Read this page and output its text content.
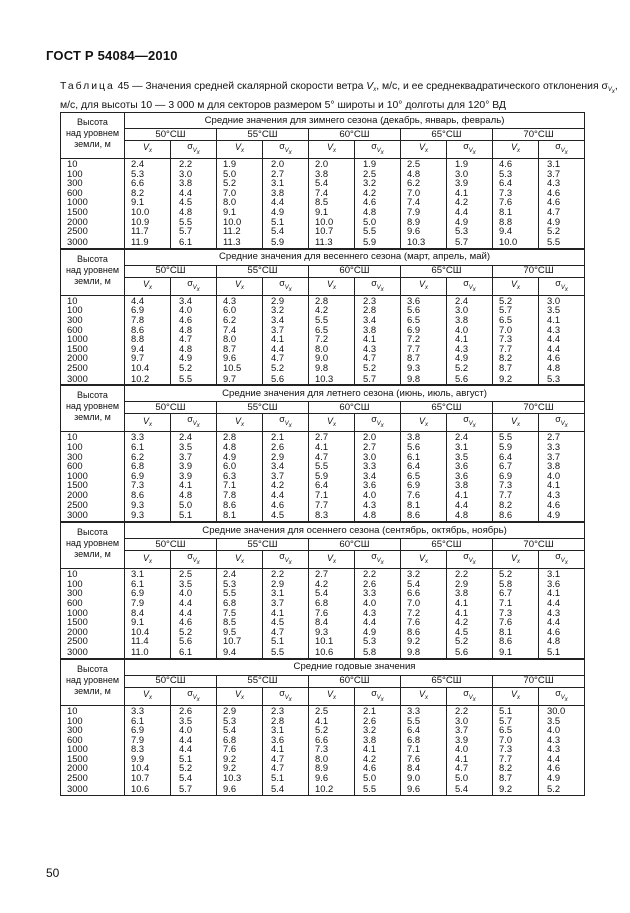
ГОСТ Р 54084—2010
Таблица 45 — Значения средней скалярной скорости ветра $V_x$, м/с, и ее среднеквадратического отклонения $\sigma_{V_x}$,
м/с, для высоты 10 — 3 000 м для секторов размером 5° широты и 10° долготы для 120° ВД
Высота
над уровнем
земли, м	Средние значения для зимнего сезона (декабрь, январь, февраль)									
	50°СШ		55°СШ		60°СШ		65°СШ		70°СШ	
	$V_x$	$\sigma_{V_x}$	$V_x$	$\sigma_{V_x}$	$V_x$	$\sigma_{V_x}$	$V_x$	$\sigma_{V_x}$	$V_x$	$\sigma_{V_x}$
10	2.4	2.2	1.9	2.0	2.0	1.9	2.5	1.9	4.6	3.1
100	5.3	3.0	5.0	2.7	3.8	2.5	4.8	3.0	5.3	3.7
300	6.6	3.8	5.2	3.1	5.4	3.2	6.2	3.9	6.4	4.3
600	8.2	4.4	7.0	3.8	7.4	4.2	7.0	4.1	7.3	4.6
1000	9.1	4.5	8.0	4.4	8.5	4.6	7.4	4.2	7.6	4.6
1500	10.0	4.8	9.1	4.9	9.1	4.8	7.9	4.4	8.1	4.7
2000	10.9	5.5	10.0	5.1	10.0	5.0	8.9	4.9	8.8	4.9
2500	11.7	5.7	11.2	5.4	10.7	5.5	9.6	5.3	9.4	5.2
3000	11.9	6.1	11.3	5.9	11.3	5.9	10.3	5.7	10.0	5.5
Высота
над уровнем
земли, м	Средние значения для весеннего сезона (март, апрель, май)									
	50°СШ		55°СШ		60°СШ		65°СШ		70°СШ	
	$V_x$	$\sigma_{V_x}$	$V_x$	$\sigma_{V_x}$	$V_x$	$\sigma_{V_x}$	$V_x$	$\sigma_{V_x}$	$V_x$	$\sigma_{V_x}$
10	4.4	3.4	4.3	2.9	2.8	2.3	3.6	2.4	5.2	3.0
100	6.9	4.0	6.0	3.2	4.2	2.8	5.6	3.0	5.7	3.5
300	7.8	4.6	6.2	3.4	5.5	3.4	6.5	3.8	6.5	4.1
600	8.6	4.8	7.4	3.7	6.5	3.8	6.9	4.0	7.0	4.3
1000	8.8	4.7	8.0	4.1	7.2	4.1	7.2	4.1	7.3	4.4
1500	9.4	4.8	8.7	4.4	8.0	4.3	7.7	4.3	7.7	4.4
2000	9.7	4.9	9.6	4.7	9.0	4.7	8.7	4.9	8.2	4.6
2500	10.4	5.2	10.5	5.2	9.8	5.2	9.3	5.2	8.7	4.8
3000	10.2	5.5	9.7	5.6	10.3	5.7	9.8	5.6	9.2	5.3
Высота
над уровнем
земли, м	Средние значения для летнего сезона (июнь, июль, август)									
	50°СШ		55°СШ		60°СШ		65°СШ		70°СШ	
	$V_x$	$\sigma_{V_x}$	$V_x$	$\sigma_{V_x}$	$V_x$	$\sigma_{V_x}$	$V_x$	$\sigma_{V_x}$	$V_x$	$\sigma_{V_x}$
10	3.3	2.4	2.8	2.1	2.7	2.0	3.8	2.4	5.5	2.7
100	6.1	3.5	4.8	2.6	4.1	2.7	5.6	3.1	5.9	3.3
300	6.2	3.7	4.9	2.9	4.7	3.0	6.1	3.5	6.4	3.7
600	6.8	3.9	6.0	3.4	5.5	3.3	6.4	3.6	6.7	3.8
1000	6.9	3.9	6.3	3.7	5.9	3.4	6.5	3.6	6.9	4.0
1500	7.3	4.1	7.1	4.2	6.4	3.6	6.9	3.8	7.3	4.1
2000	8.6	4.8	7.8	4.4	7.1	4.0	7.6	4.1	7.7	4.3
2500	9.3	5.0	8.6	4.6	7.7	4.3	8.1	4.4	8.2	4.6
3000	9.3	5.1	8.1	4.5	8.3	4.8	8.6	4.8	8.6	4.9
Высота
над уровнем
земли, м	Средние значения для осеннего сезона (сентябрь, октябрь, ноябрь)									
	50°СШ		55°СШ		60°СШ		65°СШ		70°СШ	
	$V_x$	$\sigma_{V_x}$	$V_x$	$\sigma_{V_x}$	$V_x$	$\sigma_{V_x}$	$V_x$	$\sigma_{V_x}$	$V_x$	$\sigma_{V_x}$
10	3.1	2.5	2.4	2.2	2.7	2.2	3.2	2.2	5.2	3.1
100	6.1	3.5	5.3	2.9	4.2	2.6	5.4	2.9	5.8	3.6
300	6.9	4.0	5.5	3.1	5.4	3.3	6.6	3.8	6.7	4.1
600	7.9	4.4	6.8	3.7	6.8	4.0	7.0	4.1	7.1	4.4
1000	8.4	4.4	7.5	4.1	7.6	4.3	7.2	4.1	7.3	4.3
1500	9.1	4.6	8.5	4.5	8.4	4.4	7.6	4.2	7.6	4.4
2000	10.4	5.2	9.5	4.7	9.3	4.9	8.6	4.5	8.1	4.6
2500	11.4	5.6	10.7	5.1	10.1	5.3	9.2	5.2	8.6	4.8
3000	11.0	6.1	9.4	5.5	10.6	5.8	9.8	5.6	9.1	5.1
Высота
над уровнем
земли, м	Средние годовые значения									
	50°СШ		55°СШ		60°СШ		65°СШ		70°СШ	
	$V_x$	$\sigma_{V_x}$	$V_x$	$\sigma_{V_x}$	$V_x$	$\sigma_{V_x}$	$V_x$	$\sigma_{V_x}$	$V_x$	$\sigma_{V_x}$
10	3.3	2.6	2.9	2.3	2.5	2.1	3.3	2.2	5.1	30.0
100	6.1	3.5	5.3	2.8	4.1	2.6	5.5	3.0	5.7	3.5
300	6.9	4.0	5.4	3.1	5.2	3.2	6.4	3.7	6.5	4.0
600	7.9	4.4	6.8	3.6	6.6	3.8	6.8	3.9	7.0	4.3
1000	8.3	4.4	7.6	4.1	7.3	4.1	7.1	4.0	7.3	4.3
1500	9.9	5.1	9.2	4.7	8.0	4.2	7.6	4.1	7.7	4.4
2000	10.4	5.2	9.2	4.7	8.9	4.6	8.4	4.7	8.2	4.6
2500	10.7	5.4	10.3	5.1	9.6	5.0	9.0	5.0	8.7	4.9
3000	10.6	5.7	9.6	5.4	10.2	5.5	9.6	5.4	9.2	5.2
50
